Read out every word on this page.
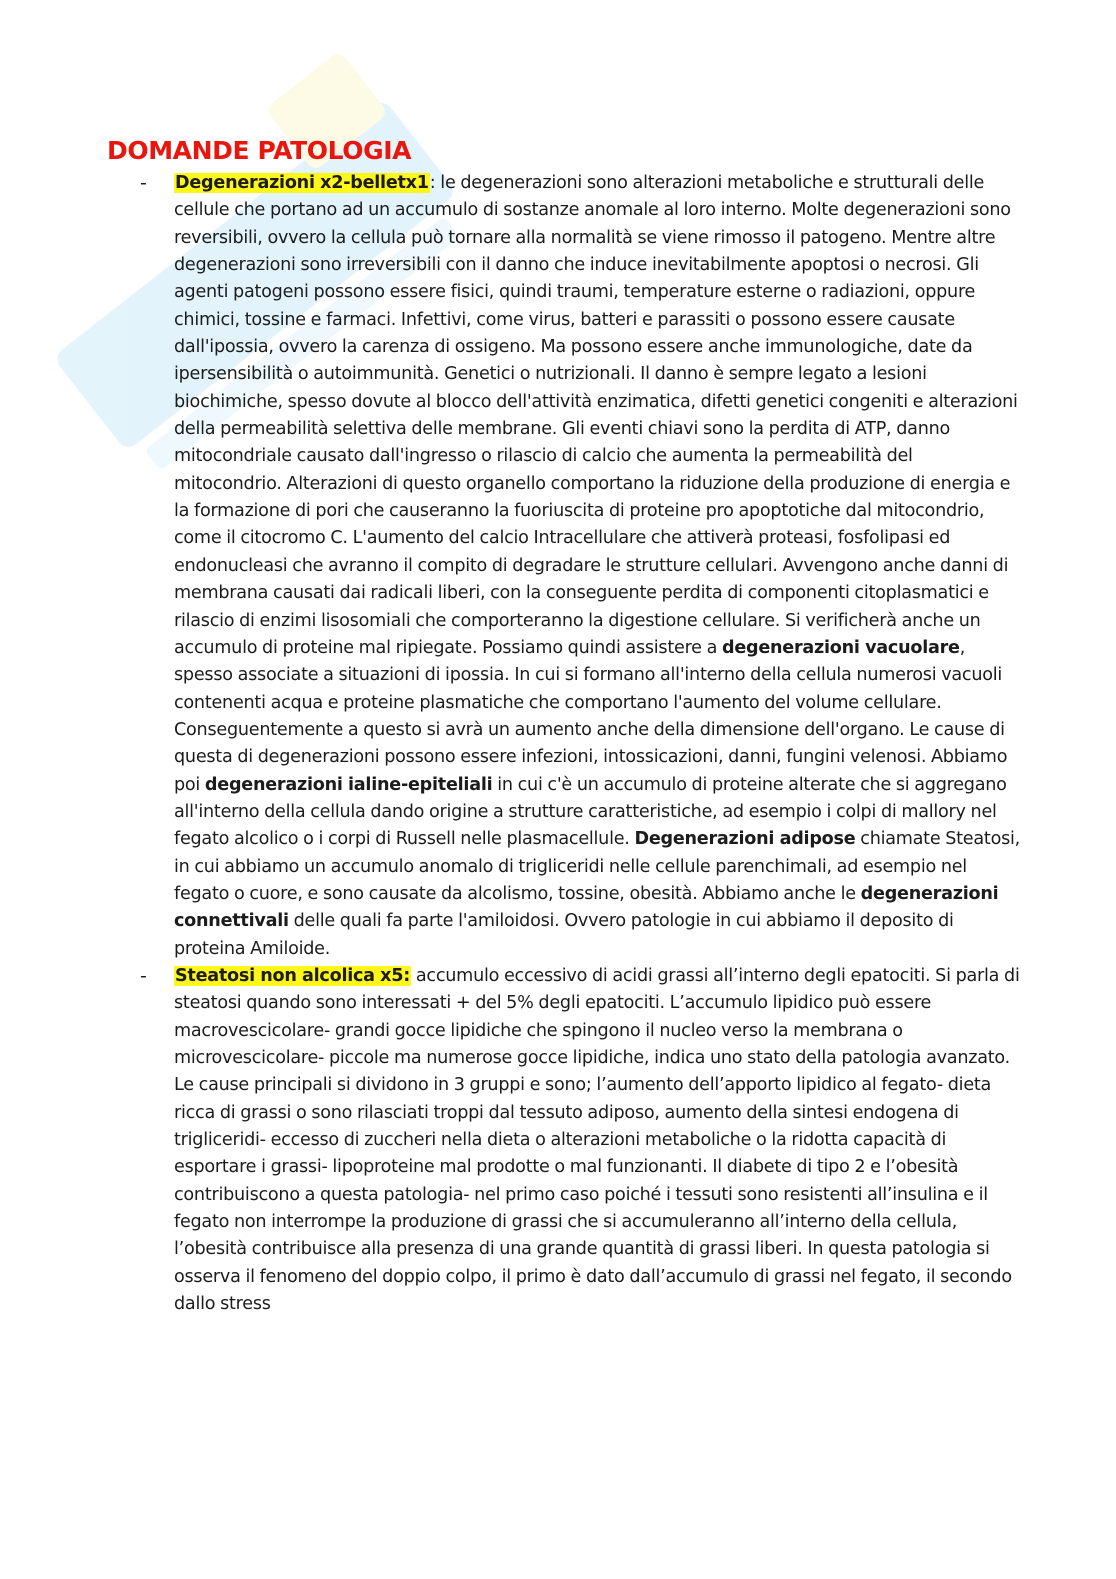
DOMANDE PATOLOGIA
- Degenerazioni x2-belletx1: le degenerazioni sono alterazioni metaboliche e strutturali delle cellule che portano ad un accumulo di sostanze anomale al loro interno. Molte degenerazioni sono reversibili, ovvero la cellula può tornare alla normalità se viene rimosso il patogeno. Mentre altre degenerazioni sono irreversibili con il danno che induce inevitabilmente apoptosi o necrosi. Gli agenti patogeni possono essere fisici, quindi traumi, temperature esterne o radiazioni, oppure chimici, tossine e farmaci. Infettivi, come virus, batteri e parassiti o possono essere causate dall'ipossia, ovvero la carenza di ossigeno. Ma possono essere anche immunologiche, date da ipersensibilità o autoimmunità. Genetici o nutrizionali. Il danno è sempre legato a lesioni biochimiche, spesso dovute al blocco dell'attività enzimatica, difetti genetici congeniti e alterazioni della permeabilità selettiva delle membrane. Gli eventi chiavi sono la perdita di ATP, danno mitocondriale causato dall'ingresso o rilascio di calcio che aumenta la permeabilità del mitocondrio. Alterazioni di questo organello comportano la riduzione della produzione di energia e la formazione di pori che causeranno la fuoriuscita di proteine pro apoptotiche dal mitocondrio, come il citocromo C. L'aumento del calcio Intracellulare che attiverà proteasi, fosfolipasi ed endonucleasi che avranno il compito di degradare le strutture cellulari. Avvengono anche danni di membrana causati dai radicali liberi, con la conseguente perdita di componenti citoplasmatici e rilascio di enzimi lisosomiali che comporteranno la digestione cellulare. Si verificherà anche un accumulo di proteine mal ripiegate. Possiamo quindi assistere a degenerazioni vacuolare, spesso associate a situazioni di ipossia. In cui si formano all'interno della cellula numerosi vacuoli contenenti acqua e proteine plasmatiche che comportano l'aumento del volume cellulare. Conseguentemente a questo si avrà un aumento anche della dimensione dell'organo. Le cause di questa di degenerazioni possono essere infezioni, intossicazioni, danni, fungini velenosi. Abbiamo poi degenerazioni ialine-epiteliali in cui c'è un accumulo di proteine alterate che si aggregano all'interno della cellula dando origine a strutture caratteristiche, ad esempio i colpi di mallory nel fegato alcolico o i corpi di Russell nelle plasmacellule. Degenerazioni adipose chiamate Steatosi, in cui abbiamo un accumulo anomalo di trigliceridi nelle cellule parenchimali, ad esempio nel fegato o cuore, e sono causate da alcolismo, tossine, obesità. Abbiamo anche le degenerazioni connettivali delle quali fa parte l'amiloidosi. Ovvero patologie in cui abbiamo il deposito di proteina Amiloide.

- Steatosi non alcolica x5: accumulo eccessivo di acidi grassi all’interno degli epatociti. Si parla di steatosi quando sono interessati + del 5% degli epatociti. L’accumulo lipidico può essere macrovescicolare- grandi gocce lipidiche che spingono il nucleo verso la membrana o microvescicolare- piccole ma numerose gocce lipidiche, indica uno stato della patologia avanzato. Le cause principali si dividono in 3 gruppi e sono; l’aumento dell’apporto lipidico al fegato- dieta ricca di grassi o sono rilasciati troppi dal tessuto adiposo, aumento della sintesi endogena di trigliceridi- eccesso di zuccheri nella dieta o alterazioni metaboliche o la ridotta capacità di esportare i grassi- lipoproteine mal prodotte o mal funzionanti. Il diabete di tipo 2 e l’obesità contribuiscono a questa patologia- nel primo caso poiché i tessuti sono resistenti all’insulina e il fegato non interrompe la produzione di grassi che si accumuleranno all’interno della cellula, l’obesità contribuisce alla presenza di una grande quantità di grassi liberi. In questa patologia si osserva il fenomeno del doppio colpo, il primo è dato dall’accumulo di grassi nel fegato, il secondo dallo stress
